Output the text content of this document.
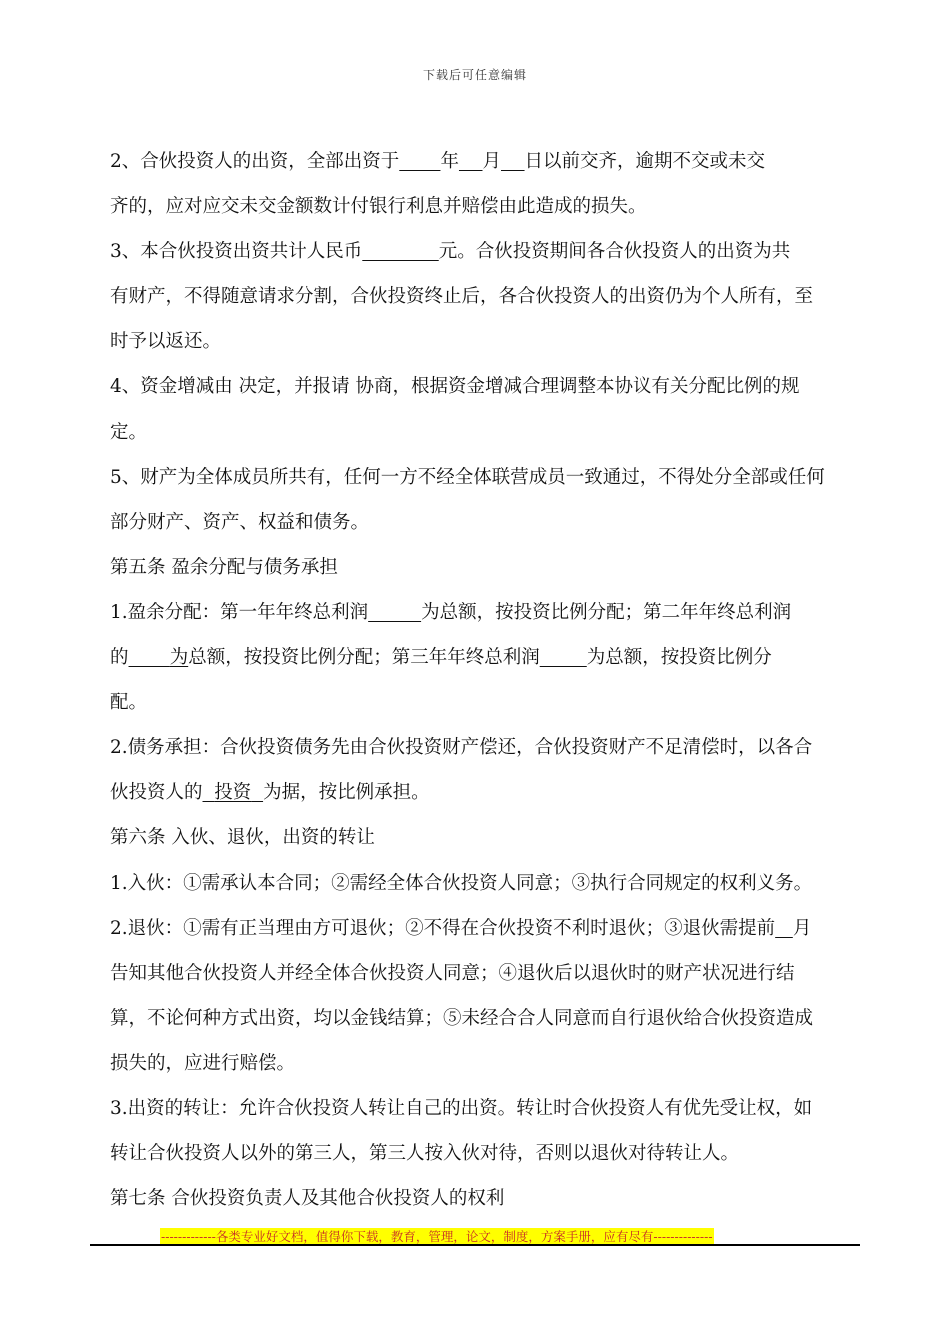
下载后可任意编辑

2、合伙投资人的出资，全部出资于 年 月 日以前交齐，逾期不交或未交

齐的，应对应交未交金额数计付银行利息并赔偿由此造成的损失。

3、本合伙投资出资共计人民币	元。合伙投资期间各合伙投资人的出资为共

有财产，不得随意请求分割，合伙投资终止后，各合伙投资人的出资仍为个人所有，至

时予以返还。

4、资金增减由 决定，并报请 协商，根据资金增减合理调整本协议有关分配比例的规

定。

5、财产为全体成员所共有，任何一方不经全体联营成员一致通过，不得处分全部或任何

部分财产、资产、权益和债务。

第五条 盈余分配与债务承担

1.盈余分配：第一年年终总利润	为总额，按投资比例分配；第二年年终总利润

的 为总额，按投资比例分配；第三年年终总利润	为总额，按投资比例分

配。

2.债务承担：合伙投资债务先由合伙投资财产偿还，合伙投资财产不足清偿时，以各合

伙投资人的 投资 为据，按比例承担。

第六条 入伙、退伙，出资的转让

1.入伙：①需承认本合同；②需经全体合伙投资人同意；③执行合同规定的权利义务。

2.退伙：①需有正当理由方可退伙；②不得在合伙投资不利时退伙；③退伙需提前 月

告知其他合伙投资人并经全体合伙投资人同意；④退伙后以退伙时的财产状况进行结

算，不论何种方式出资，均以金钱结算；⑤未经合合人同意而自行退伙给合伙投资造成

损失的，应进行赔偿。

3.出资的转让：允许合伙投资人转让自己的出资。转让时合伙投资人有优先受让权，如

转让合伙投资人以外的第三人，第三人按入伙对待，否则以退伙对待转让人。

第七条 合伙投资负责人及其他合伙投资人的权利

-------------各类专业好文档，值得你下载，教育，管理，论文，制度，方案手册，应有尽有--------------
